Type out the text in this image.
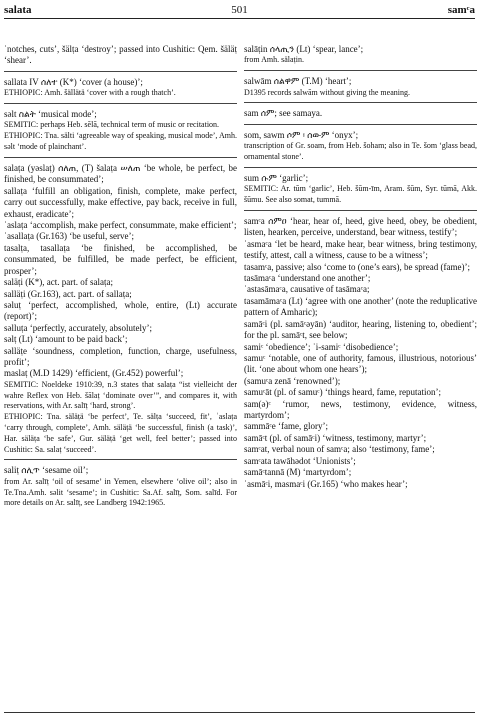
salata	501	samᶜa

ʾnotches, cuts’, šälṭa ‘destroy’; passed into Cushitic: Qem. šäläṭ ‘shear’.

sallata IV ሰለተ (K*) ‘cover (a house)’;

ETHIOPIC: Amh. šällätä ‘cover with a rough thatch’.

səlt ስልት ‘musical mode’;

SEMITIC: perhaps Heb. sĕlā, technical term of music or recitation.

ETHIOPIC: Tna. sälti ‘agreeable way of speaking, musical mode’, Amh. səlt ‘mode of plainchant’.

salaṭa (yəslaṭ) ሰለጠ, (T) šalaṭa ሠለጠ ‘be whole, be perfect, be finished, be consummated’;

sallaṭa ‘fulfill an obligation, finish, complete, make perfect, carry out successfully, make effective, pay back, receive in full, exhaust, eradicate’;

ʾaslaṭa ‘accomplish, make perfect, consummate, make efficient’;

ʾasallaṭa (Gr.163) ‘be useful, serve’;

tasalṭa, tasallaṭa ‘be finished, be accomplished, be consummated, be fulfilled, be made perfect, be efficient, prosper’;

saläṭi (K*), act. part. of salaṭa;

salläṭi (Gr.163), act. part. of sallaṭa;

səluṭ ‘perfect, accomplished, whole, entire, (Lt) accurate (report)’;

səlluṭa ‘perfectly, accurately, absolutely’;

səlṭ (Lt) ‘amount to be paid back’;

səlläṭe ‘soundness, completion, function, charge, usefulness, profit’;

maslaṭ (M.D 1429) ‘efficient, (Gr.452) powerful’;

SEMITIC: Noeldeke 1910:39, n.3 states that salaṭa “ist vielleicht der wahre Reflex von Heb. šālaṭ ‘dominate over’”, and compares it, with reservations, with Ar. salīṭ ‘hard, strong’.

ETHIOPIC: Tna. säläṭä ‘be perfect’, Te. sälṭa ‘succeed, fit’, ʾaslaṭa ‘carry through, complete’, Amh. säläṭä ‘be successful, finish (a task)’, Har. säläṭa ‘be safe’, Gur. säläṭä ‘get well, feel better’; passed into Cushitic: Sa. salaṭ ‘succeed’.

saliṭ ሰሊጥ ‘sesame oil’;

from Ar. salīṭ ‘oil of sesame’ in Yemen, elsewhere ‘olive oil’; also in Te.Tna.Amh. səlit ‘sesame’; in Cushitic: Sa.Af. salīṭ, Som. salīd. For more details on Ar. salīṭ, see Landberg 1942:1965.

salāṭin ሰላጢን (Lt) ‘spear, lance’;

from Amh. sälaṭin.

salwām ሰልዋም (T.M) ‘heart’;

D1395 records salwām without giving the meaning.

sam ሰም; see samaya.

som, sawm ሶም ፡ ሰውም ‘onyx’;

transcription of Gr. soam, from Heb. šoham; also in Te. šom ‘glass bead, ornamental stone’.

sum ሱም ‘garlic’;

SEMITIC: Ar. tūm ‘garlic’, Heb. šūm-īm, Aram. šūm, Syr. tūmā, Akk. šūmu. See also somat, tummā.

samᶜa ሰምዐ ‘hear, hear of, heed, give heed, obey, be obedient, listen, hearken, perceive, understand, bear witness, testify’;

ʾasmaᶜa ‘let be heard, make hear, bear witness, bring testimony, testify, attest, call a witness, cause to be a witness’;

tasamᶜa, passive; also ‘come to (one’s ears), be spread (fame)’;

tasāmaᶜa ‘understand one another’;

ʾastasāmaᶜa, causative of tasāmaᶜa;

tasamāmaᶜa (Lt) ‘agree with one another’ (note the reduplicative pattern of Amharic);

samāᶜi (pl. samāᶜəyān) ‘auditor, hearing, listening to, obedient’; for the pl. samāᶜt, see below;

samiᶜ ‘obedience’; ʾi-samiᶜ ‘disobedience’;

samuᶜ ‘notable, one of authority, famous, illustrious, notorious’ (lit. ‘one about whom one hears’);

(samuᶜa zenā ‘renowned’);

samuᶜāt (pl. of samuᶜ) ‘things heard, fame, reputation’;

sam(ə)ᶜ ‘rumor, news, testimony, evidence, witness, martyrdom’;

sammāᶜe ‘fame, glory’;

samāᶜt (pl. of samāᶜi) ‘witness, testimony, martyr’;

samᶜat, verbal noun of samᶜa; also ‘testimony, fame’;

samᶜata tawāhədot ‘Unionists’;

samāᶜtannā (M) ‘martyrdom’;

ʾasmāᶜi, masmaᶜi (Gr.165) ‘who makes hear’;
